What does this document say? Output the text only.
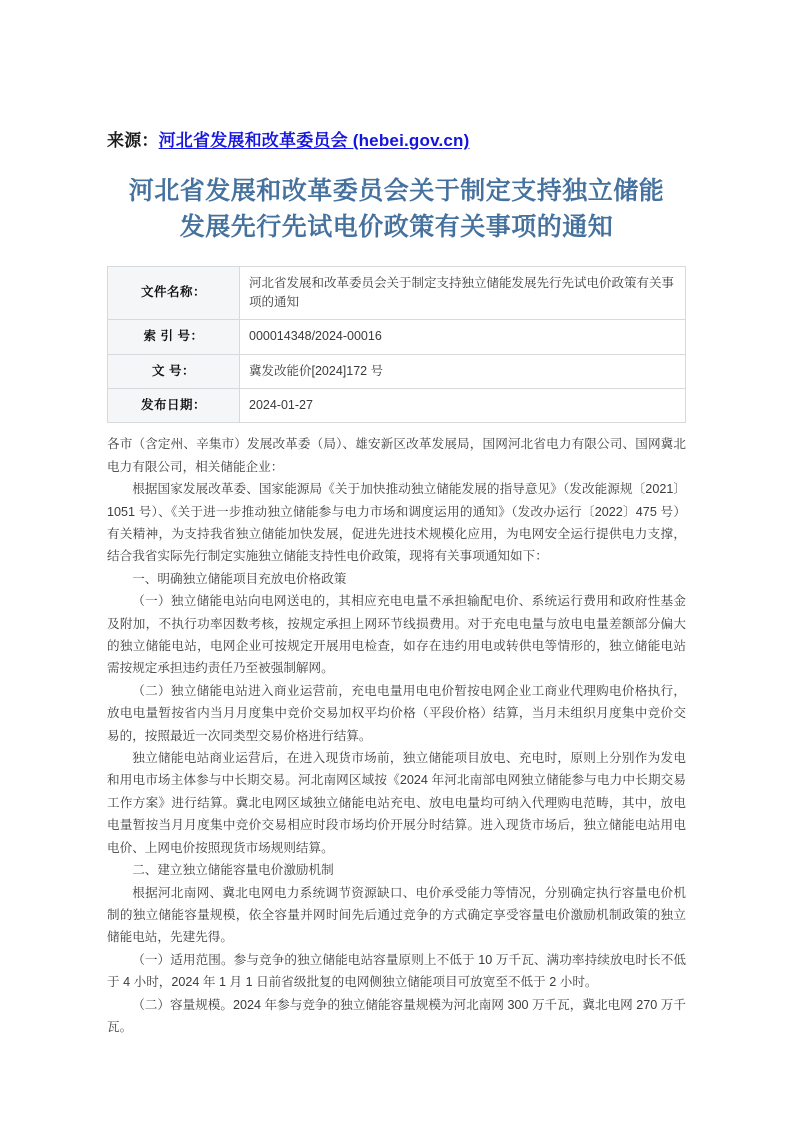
来源：河北省发展和改革委员会 (hebei.gov.cn)

河北省发展和改革委员会关于制定支持独立储能
发展先行先试电价政策有关事项的通知
文件名称：	河北省发展和改革委员会关于制定支持独立储能发展先行先试电价政策有关事项的通知
索 引 号：	000014348/2024-00016
文 号：	冀发改能价[2024]172 号
发布日期：	2024-01-27

各市（含定州、辛集市）发展改革委（局）、雄安新区改革发展局，国网河北省电力有限公司、国网冀北电力有限公司，相关储能企业：

根据国家发展改革委、国家能源局《关于加快推动独立储能发展的指导意见》（发改能源规〔2021〕1051 号）、《关于进一步推动独立储能参与电力市场和调度运用的通知》（发改办运行〔2022〕475 号）有关精神，为支持我省独立储能加快发展，促进先进技术规模化应用，为电网安全运行提供电力支撑，结合我省实际先行制定实施独立储能支持性电价政策，现将有关事项通知如下：

一、明确独立储能项目充放电价格政策

（一）独立储能电站向电网送电的，其相应充电电量不承担输配电价、系统运行费用和政府性基金及附加，不执行功率因数考核，按规定承担上网环节线损费用。对于充电电量与放电电量差额部分偏大的独立储能电站，电网企业可按规定开展用电检查，如存在违约用电或转供电等情形的，独立储能电站需按规定承担违约责任乃至被强制解网。

（二）独立储能电站进入商业运营前，充电电量用电电价暂按电网企业工商业代理购电价格执行，放电电量暂按省内当月月度集中竞价交易加权平均价格（平段价格）结算，当月未组织月度集中竞价交易的，按照最近一次同类型交易价格进行结算。

独立储能电站商业运营后，在进入现货市场前，独立储能项目放电、充电时，原则上分别作为发电和用电市场主体参与中长期交易。河北南网区域按《2024 年河北南部电网独立储能参与电力中长期交易工作方案》进行结算。冀北电网区域独立储能电站充电、放电电量均可纳入代理购电范畴，其中，放电电量暂按当月月度集中竞价交易相应时段市场均价开展分时结算。进入现货市场后，独立储能电站用电电价、上网电价按照现货市场规则结算。

二、建立独立储能容量电价激励机制

根据河北南网、冀北电网电力系统调节资源缺口、电价承受能力等情况，分别确定执行容量电价机制的独立储能容量规模，依全容量并网时间先后通过竞争的方式确定享受容量电价激励机制政策的独立储能电站，先建先得。

（一）适用范围。参与竞争的独立储能电站容量原则上不低于 10 万千瓦、满功率持续放电时长不低于 4 小时，2024 年 1 月 1 日前省级批复的电网侧独立储能项目可放宽至不低于 2 小时。

（二）容量规模。2024 年参与竞争的独立储能容量规模为河北南网 300 万千瓦，冀北电网 270 万千瓦。
